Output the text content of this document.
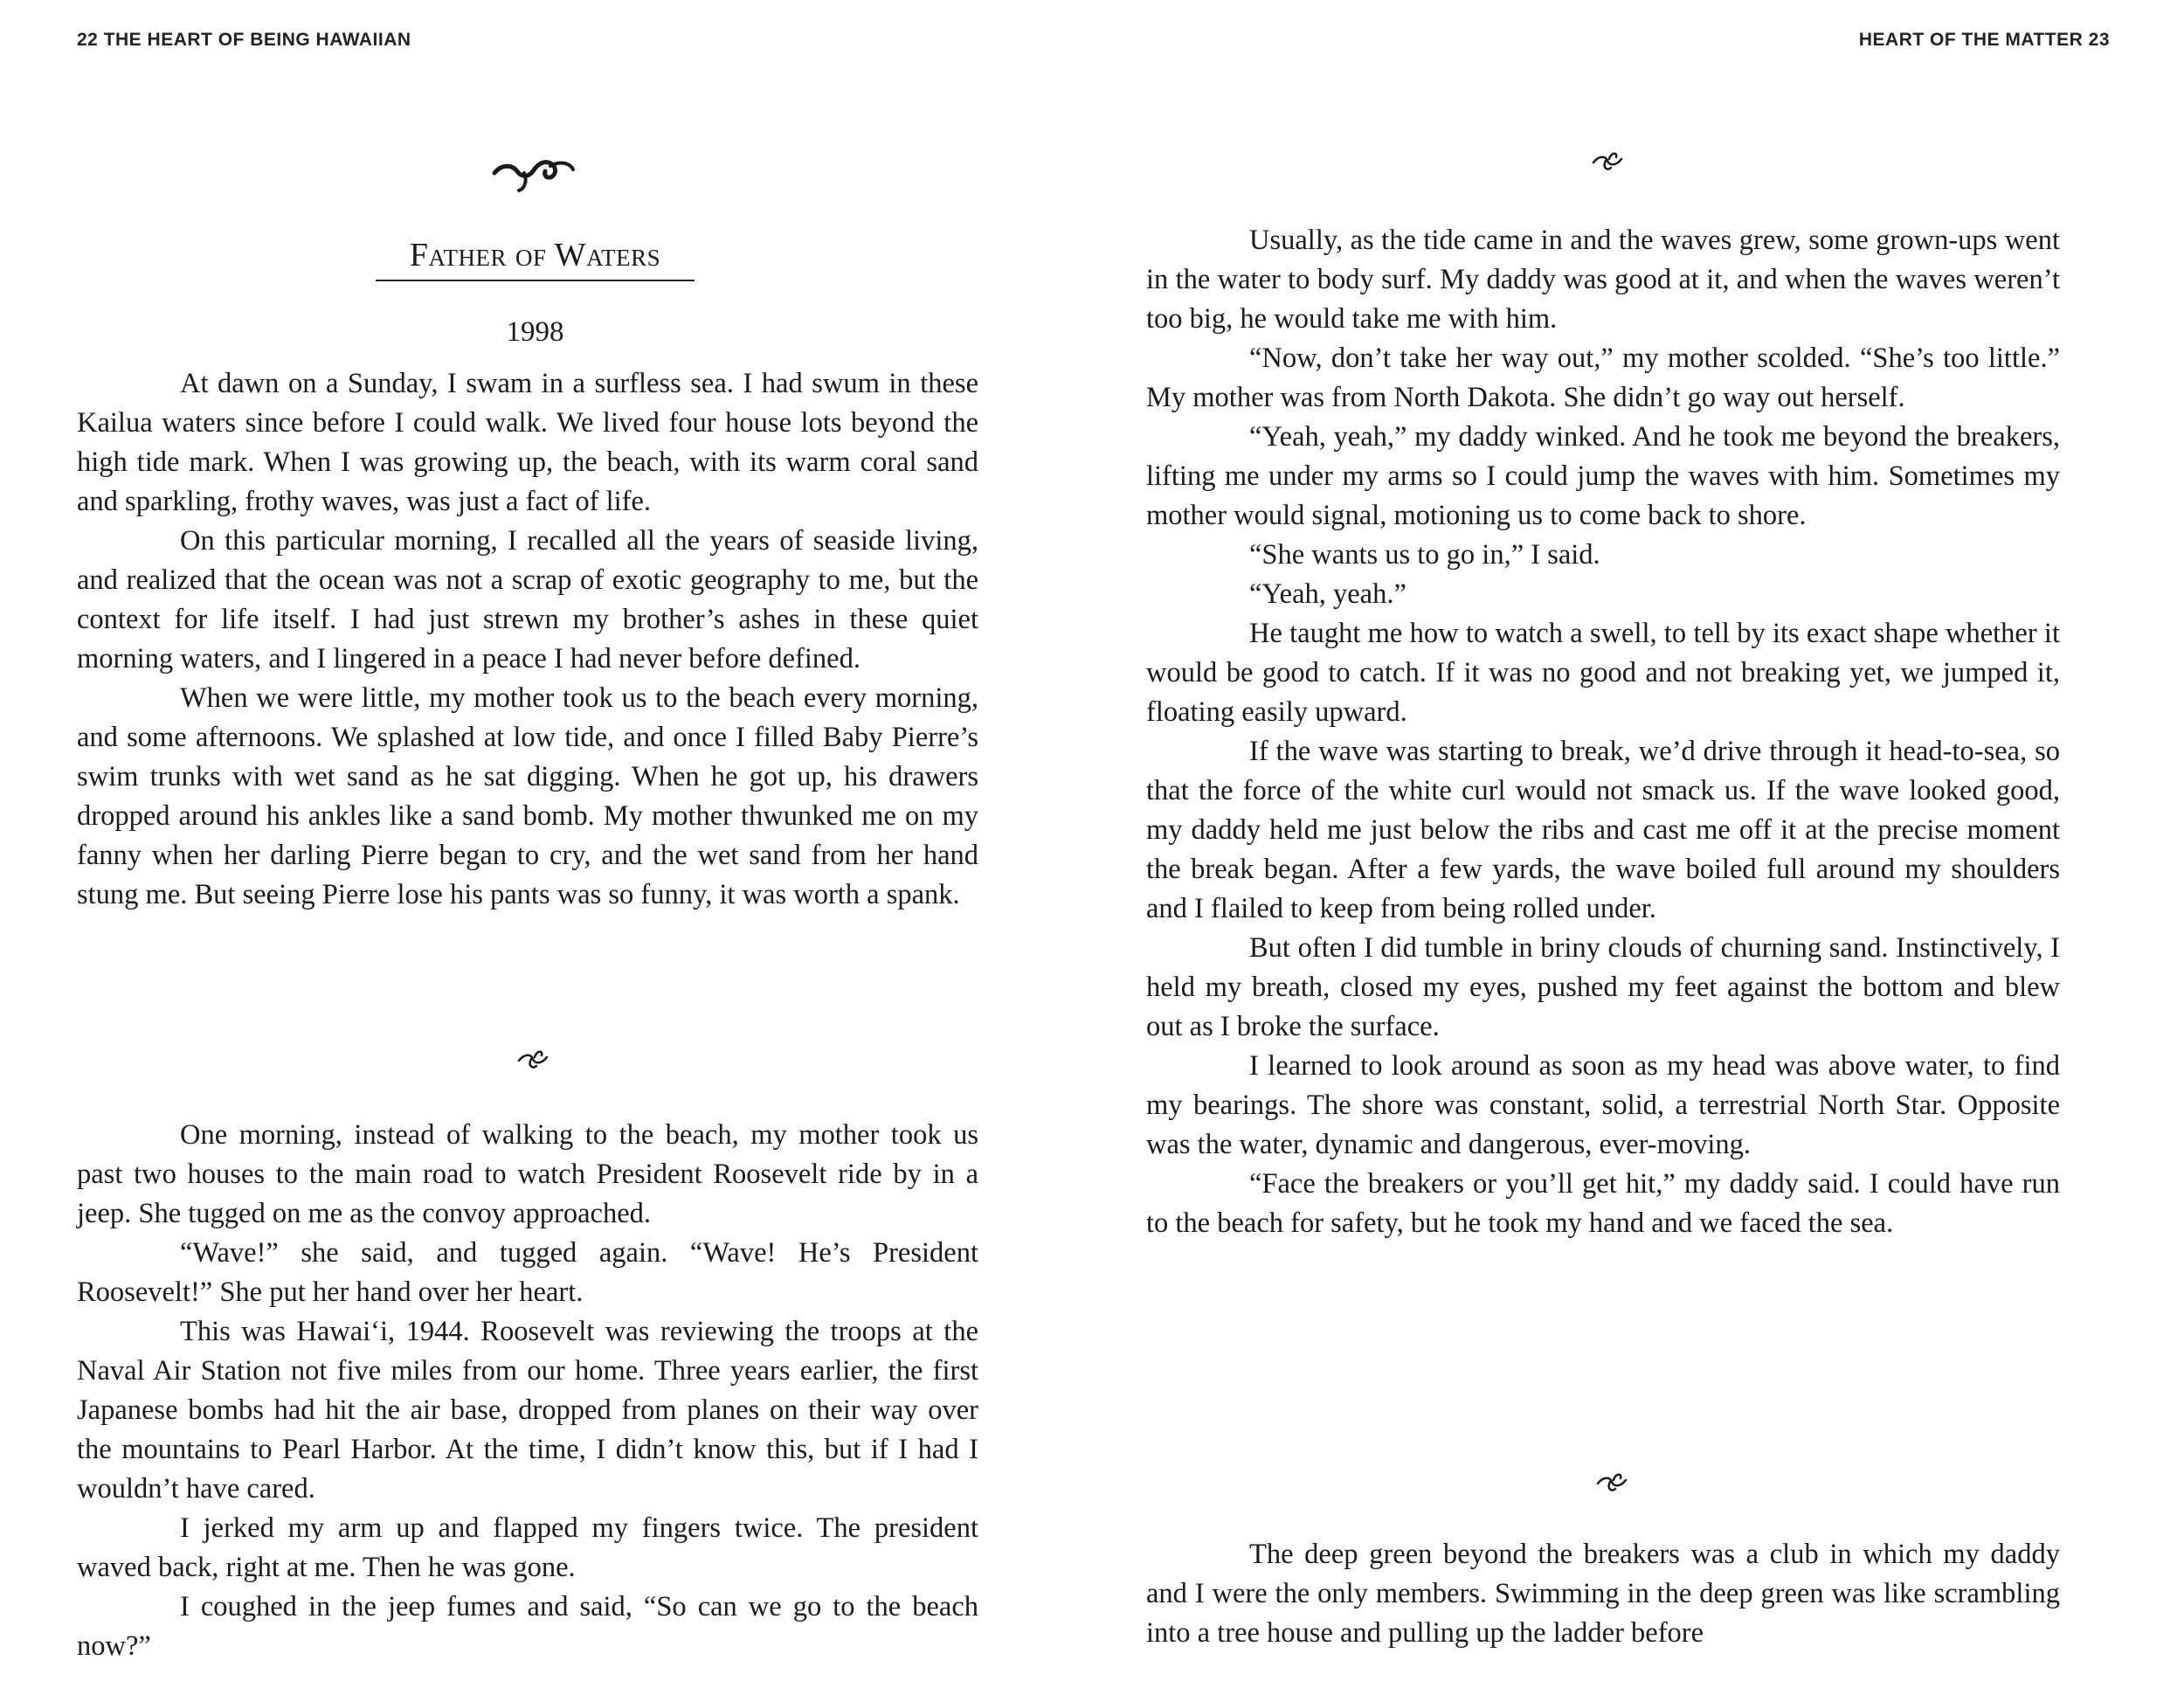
22 THE HEART OF BEING HAWAIIAN
Father of Waters
1998

At dawn on a Sunday, I swam in a surfless sea. I had swum in these Kailua waters since before I could walk. We lived four house lots beyond the high tide mark. When I was growing up, the beach, with its warm coral sand and sparkling, frothy waves, was just a fact of life.

On this particular morning, I recalled all the years of seaside living, and realized that the ocean was not a scrap of exotic geography to me, but the context for life itself. I had just strewn my brother’s ashes in these quiet morning waters, and I lingered in a peace I had never before defined.

When we were little, my mother took us to the beach every morning, and some afternoons. We splashed at low tide, and once I filled Baby Pierre’s swim trunks with wet sand as he sat digging. When he got up, his drawers dropped around his ankles like a sand bomb. My mother thwunked me on my fanny when her darling Pierre began to cry, and the wet sand from her hand stung me. But seeing Pierre lose his pants was so funny, it was worth a spank.

One morning, instead of walking to the beach, my mother took us past two houses to the main road to watch President Roosevelt ride by in a jeep. She tugged on me as the convoy approached.

“Wave!” she said, and tugged again. “Wave! He’s President Roosevelt!” She put her hand over her heart.

This was Hawai‘i, 1944. Roosevelt was reviewing the troops at the Naval Air Station not five miles from our home. Three years earlier, the first Japanese bombs had hit the air base, dropped from planes on their way over the mountains to Pearl Harbor. At the time, I didn’t know this, but if I had I wouldn’t have cared.

I jerked my arm up and flapped my fingers twice. The president waved back, right at me. Then he was gone.

I coughed in the jeep fumes and said, “So can we go to the beach now?”

HEART OF THE MATTER 23

Usually, as the tide came in and the waves grew, some grown-ups went in the water to body surf. My daddy was good at it, and when the waves weren’t too big, he would take me with him.

“Now, don’t take her way out,” my mother scolded. “She’s too little.” My mother was from North Dakota. She didn’t go way out herself.

“Yeah, yeah,” my daddy winked. And he took me beyond the breakers, lifting me under my arms so I could jump the waves with him. Sometimes my mother would signal, motioning us to come back to shore.

“She wants us to go in,” I said.

“Yeah, yeah.”

He taught me how to watch a swell, to tell by its exact shape whether it would be good to catch. If it was no good and not breaking yet, we jumped it, floating easily upward.

If the wave was starting to break, we’d drive through it head-to-sea, so that the force of the white curl would not smack us. If the wave looked good, my daddy held me just below the ribs and cast me off it at the precise moment the break began. After a few yards, the wave boiled full around my shoulders and I flailed to keep from being rolled under.

But often I did tumble in briny clouds of churning sand. Instinctively, I held my breath, closed my eyes, pushed my feet against the bottom and blew out as I broke the surface.

I learned to look around as soon as my head was above water, to find my bearings. The shore was constant, solid, a terrestrial North Star. Opposite was the water, dynamic and dangerous, ever-moving.

“Face the breakers or you’ll get hit,” my daddy said. I could have run to the beach for safety, but he took my hand and we faced the sea.

The deep green beyond the breakers was a club in which my daddy and I were the only members. Swimming in the deep green was like scrambling into a tree house and pulling up the ladder before
